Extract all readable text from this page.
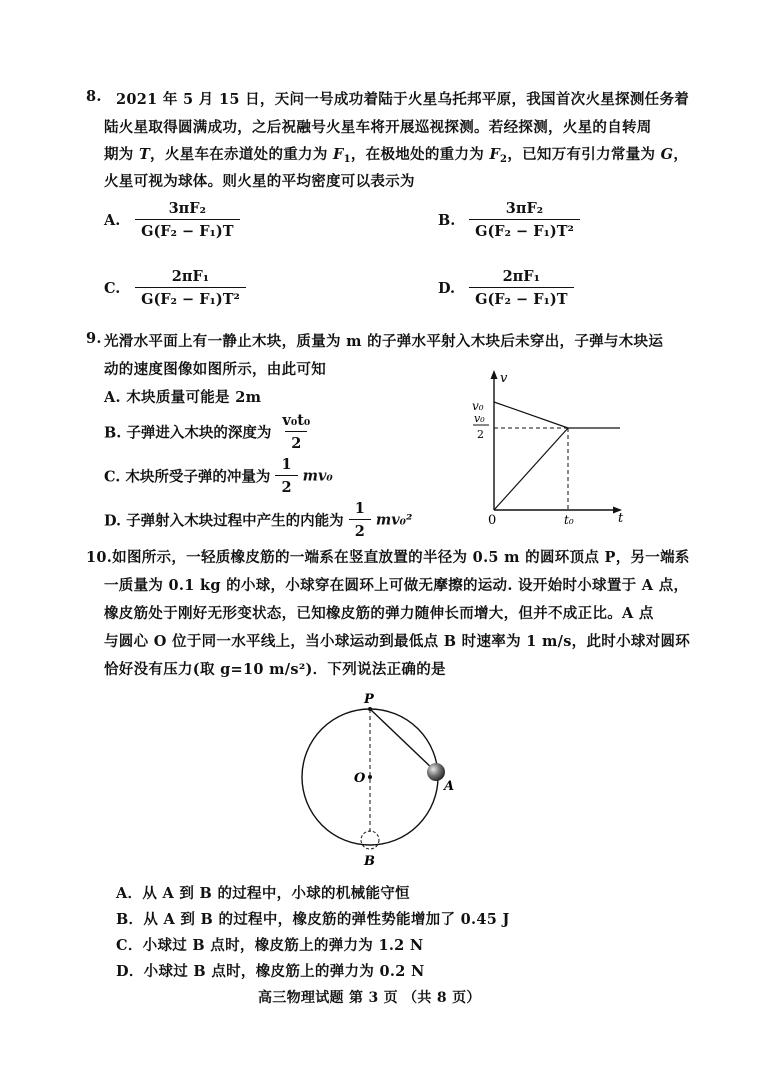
8. 2021 年 5 月 15 日，天问一号成功着陆于火星乌托邦平原，我国首次火星探测任务着
陆火星取得圆满成功，之后祝融号火星车将开展巡视探测。若经探测，火星的自转周
期为 T，火星车在赤道处的重力为 $F_1$，在极地处的重力为 $F_2$，已知万有引力常量为 G，
火星可视为球体。则火星的平均密度可以表示为
A. $\frac{\text{3πF₂}}{\text{G(F₂ − F₁)T}}$	B. $\frac{\text{3πF₂}}{\text{G(F₂ − F₁)T²}}$
C. $\frac{\text{2πF₁}}{\text{G(F₂ − F₁)T²}}$	D. $\frac{\text{2πF₁}}{\text{G(F₂ − F₁)T}}$
9. 光滑水平面上有一静止木块，质量为 m 的子弹水平射入木块后未穿出，子弹与木块运
动的速度图像如图所示，由此可知
A. 木块质量可能是 2m
B. 子弹进入木块的深度为 $\frac{\text{v₀t₀}}{2}$
C. 木块所受子弹的冲量为 $\frac{1}{2} mv_0$
D. 子弹射入木块过程中产生的内能为 $\frac{1}{2} mv_0^2$
v
t
v₀
v₀
2
0	t₀
10.如图所示，一轻质橡皮筋的一端系在竖直放置的半径为 0.5 m 的圆环顶点 P，另一端系
一质量为 0.1 kg 的小球，小球穿在圆环上可做无摩擦的运动. 设开始时小球置于 A 点，
橡皮筋处于刚好无形变状态，已知橡皮筋的弹力随伸长而增大，但并不成正比。A 点
与圆心 O 位于同一水平线上，当小球运动到最低点 B 时速率为 1 m/s，此时小球对圆环
恰好没有压力(取 g=10 m/s²)．下列说法正确的是
P
O
A
B
A．从 A 到 B 的过程中，小球的机械能守恒
B．从 A 到 B 的过程中，橡皮筋的弹性势能增加了 0.45 J
C．小球过 B 点时，橡皮筋上的弹力为 1.2 N
D．小球过 B 点时，橡皮筋上的弹力为 0.2 N
高三物理试题 第 3 页 （共 8 页）
